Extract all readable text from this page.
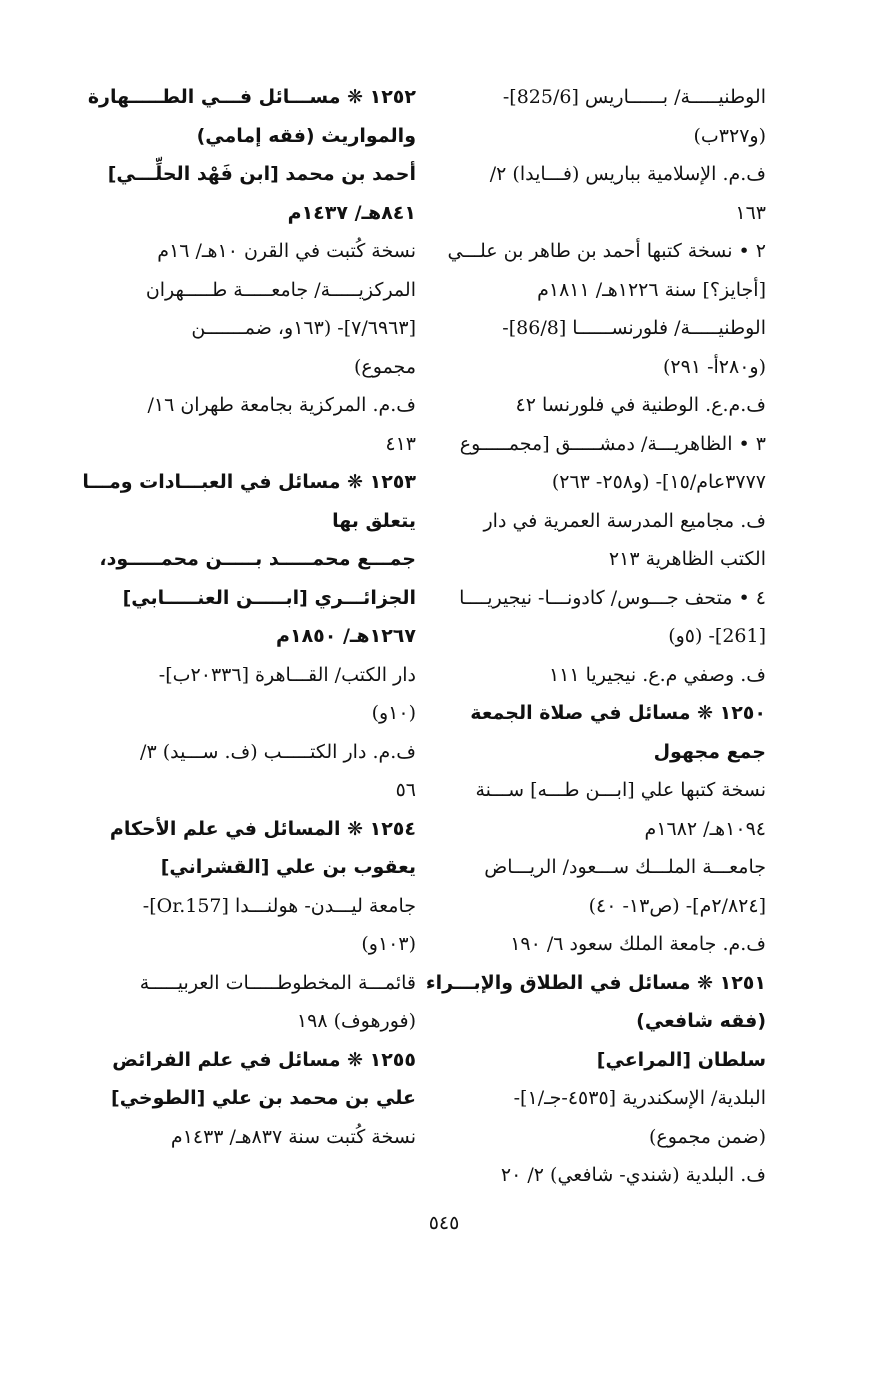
الوطنيـــــة/ بــــــاريس [825/6]-
(و٣٢٧ب)
ف.م. الإسلامية بباريس (فـــايدا) ٢/
١٦٣
٢ • نسخة كتبها أحمد بن طاهر بن علـــي
[أجايز؟] سنة ١٢٢٦هـ/ ١٨١١م
الوطنيـــــة/ فلورنســــــا [86/8]-
(و٢٨٠أ- ٢٩١)
ف.م.ع. الوطنية في فلورنسا ٤٢
٣ • الظاهريـــة/ دمشـــــق [مجمـــــوع
٣٧٧٧عام/١٥]- (و٢٥٨- ٢٦٣)
ف. مجاميع المدرسة العمرية في دار
الكتب الظاهرية ٢١٣
٤ • متحف جـــوس/ كادونـــا- نيجيريــــا
[261]- (٥و)
ف. وصفي م.ع. نيجيريا ١١١
١٢٥٠ ❋ مسائل في صلاة الجمعة
جمع مجهول
نسخة كتبها علي [ابـــن طـــه] ســـنة
١٠٩٤هـ/ ١٦٨٢م
جامعـــة الملـــك ســـعود/ الريـــاض
[٢/٨٢٤م]- (ص١٣- ٤٠)
ف.م. جامعة الملك سعود ٦/ ١٩٠
١٢٥١ ❋ مسائل في الطلاق والإبـــراء
(فقه شافعي)
سلطان [المراعي]
البلدية/ الإسكندرية [٤٥٣٥-جـ/١]-
(ضمن مجموع)
ف. البلدية (شندي- شافعي) ٢/ ٢٠
١٢٥٢ ❋ مســـائل فـــي الطـــــهارة
والمواريث (فقه إمامي)
أحمد بن محمد [ابن فَهْد الحلِّـــي]
٨٤١هـ/ ١٤٣٧م
نسخة كُتبت في القرن ١٠هـ/ ١٦م
المركزيـــــة/ جامعـــــة طـــــهران
[٧/٦٩٦٣]- (١٦٣و، ضمـــــــن
مجموع)
ف.م. المركزية بجامعة طهران ١٦/
٤١٣
١٢٥٣ ❋ مسائل في العبـــادات ومـــا
يتعلق بها
جمـــع محمـــــد بـــــن محمـــــود،
الجزائـــري [ابـــــن العنـــــابي]
١٢٦٧هـ/ ١٨٥٠م
دار الكتب/ القـــاهرة [٢٠٣٣٦ب]-
(١٠و)
ف.م. دار الكتـــــب (ف. ســـيد) ٣/
٥٦
١٢٥٤ ❋ المسائل في علم الأحكام
يعقوب بن علي [القشراني]
جامعة ليـــدن- هولنـــدا [Or.157]-
(١٠٣و)
قائمـــة المخطوطـــــات العربيـــــة
(فورهوف) ١٩٨
١٢٥٥ ❋ مسائل في علم الفرائض
علي بن محمد بن علي [الطوخي]
نسخة كُتبت سنة ٨٣٧هـ/ ١٤٣٣م
٥٤٥
